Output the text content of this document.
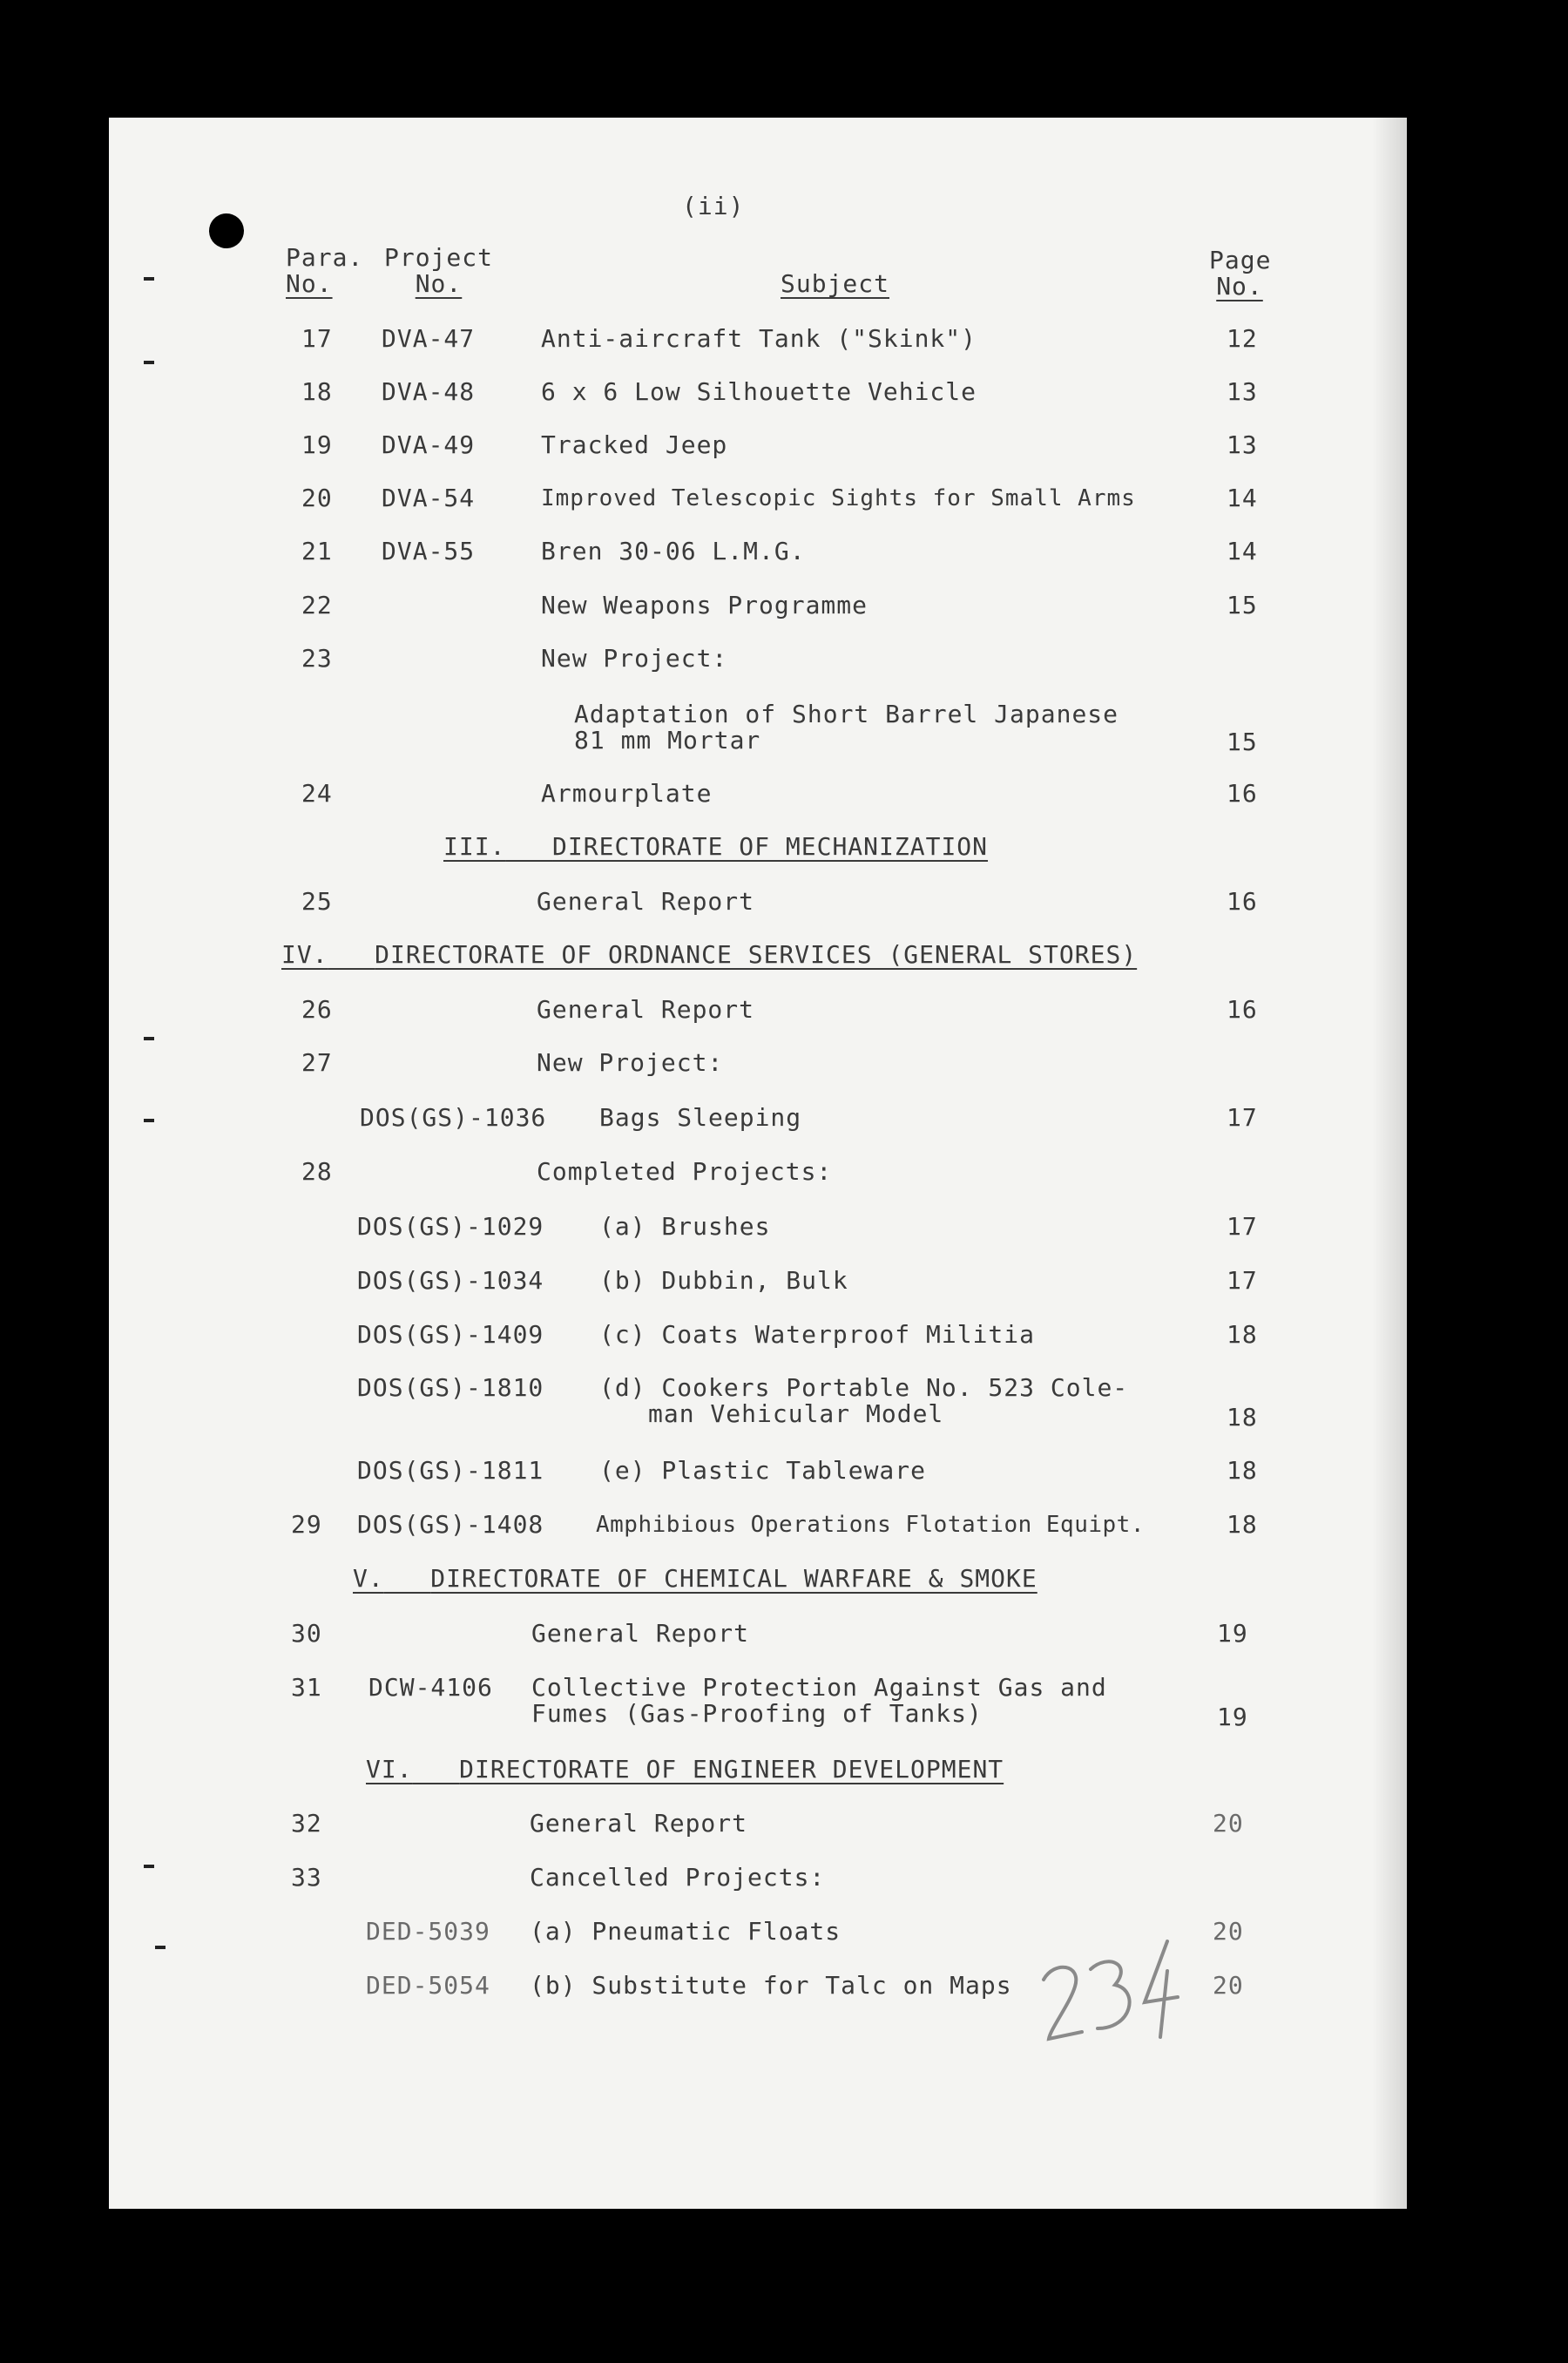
(ii)
Para.
No.
Project
No.	Subject
Page
No.
17 DVA-47	Anti-aircraft Tank ("Skink")	12
18 DVA-48	6 x 6 Low Silhouette Vehicle	13
19 DVA-49	Tracked Jeep	13
20 DVA-54	Improved Telescopic Sights for Small Arms	14
21 DVA-55	Bren 30-06 L.M.G.	14
22	New Weapons Programme	15
23	New Project:
Adaptation of Short Barrel Japanese
81 mm Mortar	15
24	Armourplate	16
III. DIRECTORATE OF MECHANIZATION
25	General Report	16
IV. DIRECTORATE OF ORDNANCE SERVICES (GENERAL STORES)
26	General Report	16
27	New Project:
DOS(GS)-1036 Bags Sleeping	17
28	Completed Projects:
DOS(GS)-1029 (a) Brushes	17
DOS(GS)-1034 (b) Dubbin, Bulk	17
DOS(GS)-1409 (c) Coats Waterproof Militia	18
DOS(GS)-1810 (d) Cookers Portable No. 523 Cole-
man Vehicular Model	18
DOS(GS)-1811 (e) Plastic Tableware	18
29 DOS(GS)-1408 Amphibious Operations Flotation Equipt.	18
V. DIRECTORATE OF CHEMICAL WARFARE & SMOKE
30	General Report	19
31 DCW-4106 Collective Protection Against Gas and
Fumes (Gas-Proofing of Tanks)	19
VI. DIRECTORATE OF ENGINEER DEVELOPMENT
32	General Report	20
33	Cancelled Projects:
DED-5039 (a) Pneumatic Floats	20
DED-5054 (b) Substitute for Talc on Maps	20
